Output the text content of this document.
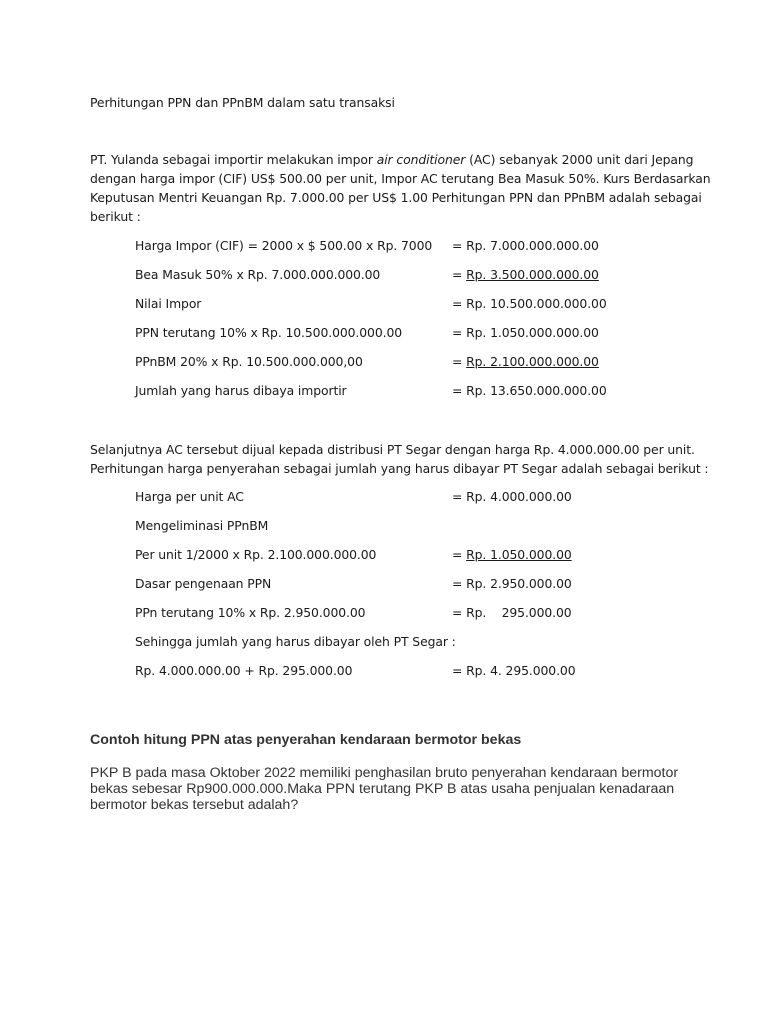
Perhitungan PPN dan PPnBM dalam satu transaksi
PT. Yulanda sebagai importir melakukan impor air conditioner (AC) sebanyak 2000 unit dari Jepang
dengan harga impor (CIF) US$ 500.00 per unit, Impor AC terutang Bea Masuk 50%. Kurs Berdasarkan
Keputusan Mentri Keuangan Rp. 7.000.00 per US$ 1.00 Perhitungan PPN dan PPnBM adalah sebagai
berikut :
Harga Impor (CIF) = 2000 x $ 500.00 x Rp. 7000 = Rp. 7.000.000.000.00
Bea Masuk 50% x Rp. 7.000.000.000.00	= Rp. 3.500.000.000.00
Nilai Impor	= Rp. 10.500.000.000.00
PPN terutang 10% x Rp. 10.500.000.000.00	= Rp. 1.050.000.000.00
PPnBM 20% x Rp. 10.500.000.000,00	= Rp. 2.100.000.000.00
Jumlah yang harus dibaya importir	= Rp. 13.650.000.000.00
Selanjutnya AC tersebut dijual kepada distribusi PT Segar dengan harga Rp. 4.000.000.00 per unit.
Perhitungan harga penyerahan sebagai jumlah yang harus dibayar PT Segar adalah sebagai berikut :
Harga per unit AC	= Rp. 4.000.000.00
Mengeliminasi PPnBM
Per unit 1/2000 x Rp. 2.100.000.000.00	= Rp. 1.050.000.00
Dasar pengenaan PPN	= Rp. 2.950.000.00
PPn terutang 10% x Rp. 2.950.000.00	= Rp.    295.000.00
Sehingga jumlah yang harus dibayar oleh PT Segar :
Rp. 4.000.000.00 + Rp. 295.000.00	= Rp. 4. 295.000.00
Contoh hitung PPN atas penyerahan kendaraan bermotor bekas
PKP B pada masa Oktober 2022 memiliki penghasilan bruto penyerahan kendaraan bermotor
bekas sebesar Rp900.000.000.Maka PPN terutang PKP B atas usaha penjualan kenadaraan
bermotor bekas tersebut adalah?
